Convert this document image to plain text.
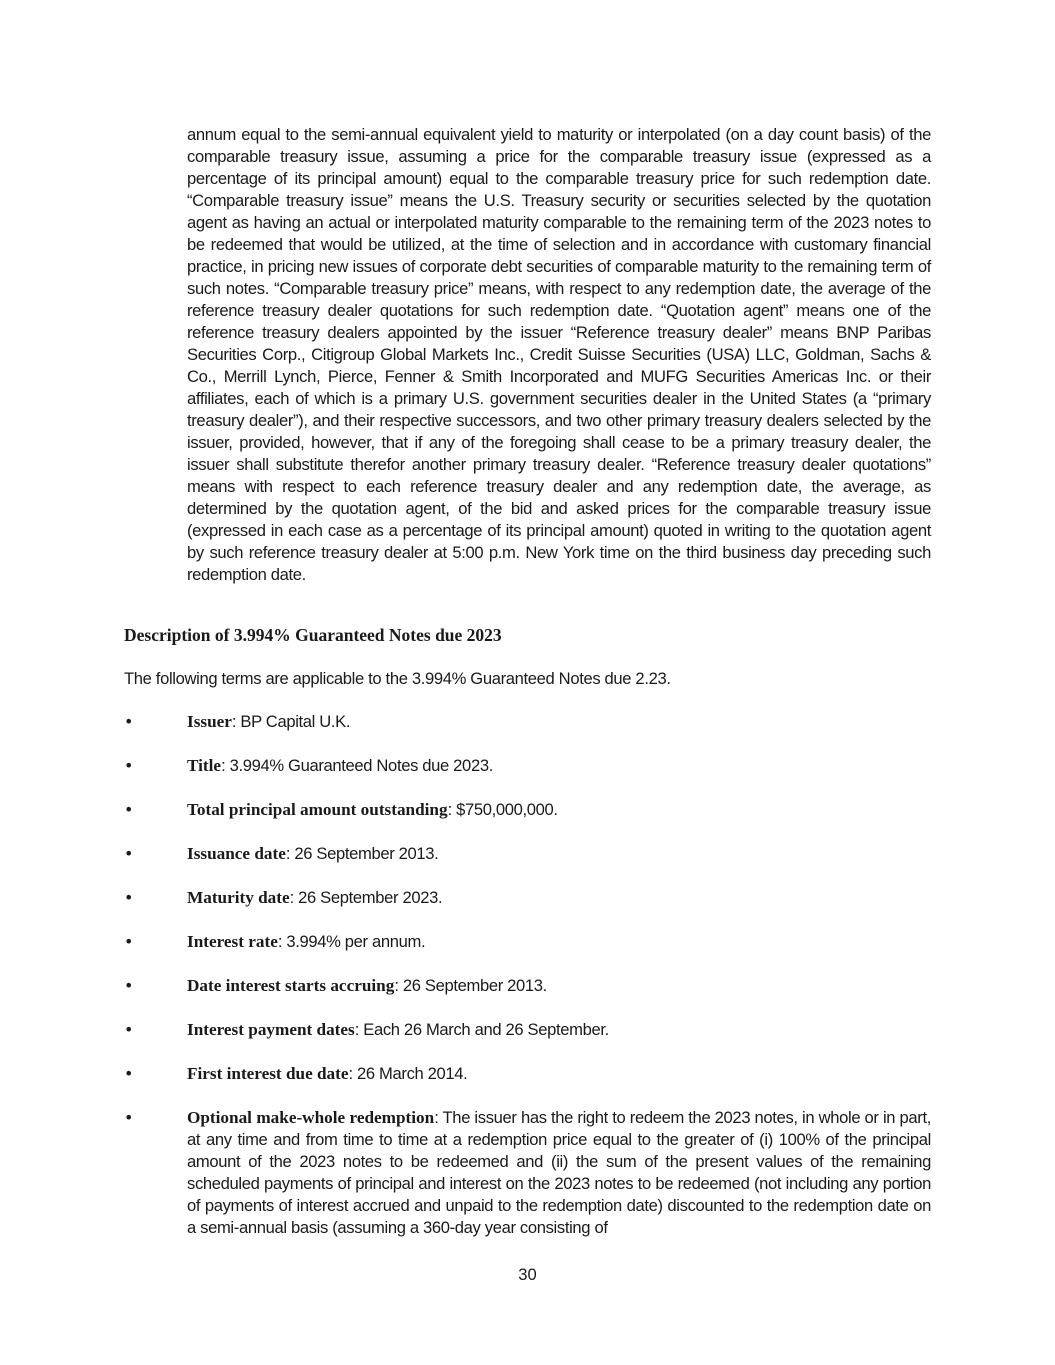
annum equal to the semi-annual equivalent yield to maturity or interpolated (on a day count basis) of the comparable treasury issue, assuming a price for the comparable treasury issue (expressed as a percentage of its principal amount) equal to the comparable treasury price for such redemption date. “Comparable treasury issue” means the U.S. Treasury security or securities selected by the quotation agent as having an actual or interpolated maturity comparable to the remaining term of the 2023 notes to be redeemed that would be utilized, at the time of selection and in accordance with customary financial practice, in pricing new issues of corporate debt securities of comparable maturity to the remaining term of such notes. “Comparable treasury price” means, with respect to any redemption date, the average of the reference treasury dealer quotations for such redemption date. “Quotation agent” means one of the reference treasury dealers appointed by the issuer “Reference treasury dealer” means BNP Paribas Securities Corp., Citigroup Global Markets Inc., Credit Suisse Securities (USA) LLC, Goldman, Sachs & Co., Merrill Lynch, Pierce, Fenner & Smith Incorporated and MUFG Securities Americas Inc. or their affiliates, each of which is a primary U.S. government securities dealer in the United States (a “primary treasury dealer”), and their respective successors, and two other primary treasury dealers selected by the issuer, provided, however, that if any of the foregoing shall cease to be a primary treasury dealer, the issuer shall substitute therefor another primary treasury dealer. “Reference treasury dealer quotations” means with respect to each reference treasury dealer and any redemption date, the average, as determined by the quotation agent, of the bid and asked prices for the comparable treasury issue (expressed in each case as a percentage of its principal amount) quoted in writing to the quotation agent by such reference treasury dealer at 5:00 p.m. New York time on the third business day preceding such redemption date.

Description of 3.994% Guaranteed Notes due 2023

The following terms are applicable to the 3.994% Guaranteed Notes due 2.23.

•	Issuer: BP Capital U.K.
•	Title: 3.994% Guaranteed Notes due 2023.
•	Total principal amount outstanding: $750,000,000.
•	Issuance date: 26 September 2013.
•	Maturity date: 26 September 2023.
•	Interest rate: 3.994% per annum.
•	Date interest starts accruing: 26 September 2013.
•	Interest payment dates: Each 26 March and 26 September.
•	First interest due date: 26 March 2014.
•	Optional make-whole redemption: The issuer has the right to redeem the 2023 notes, in whole or in part, at any time and from time to time at a redemption price equal to the greater of (i) 100% of the principal amount of the 2023 notes to be redeemed and (ii) the sum of the present values of the remaining scheduled payments of principal and interest on the 2023 notes to be redeemed (not including any portion of payments of interest accrued and unpaid to the redemption date) discounted to the redemption date on a semi-annual basis (assuming a 360-day year consisting of

30
